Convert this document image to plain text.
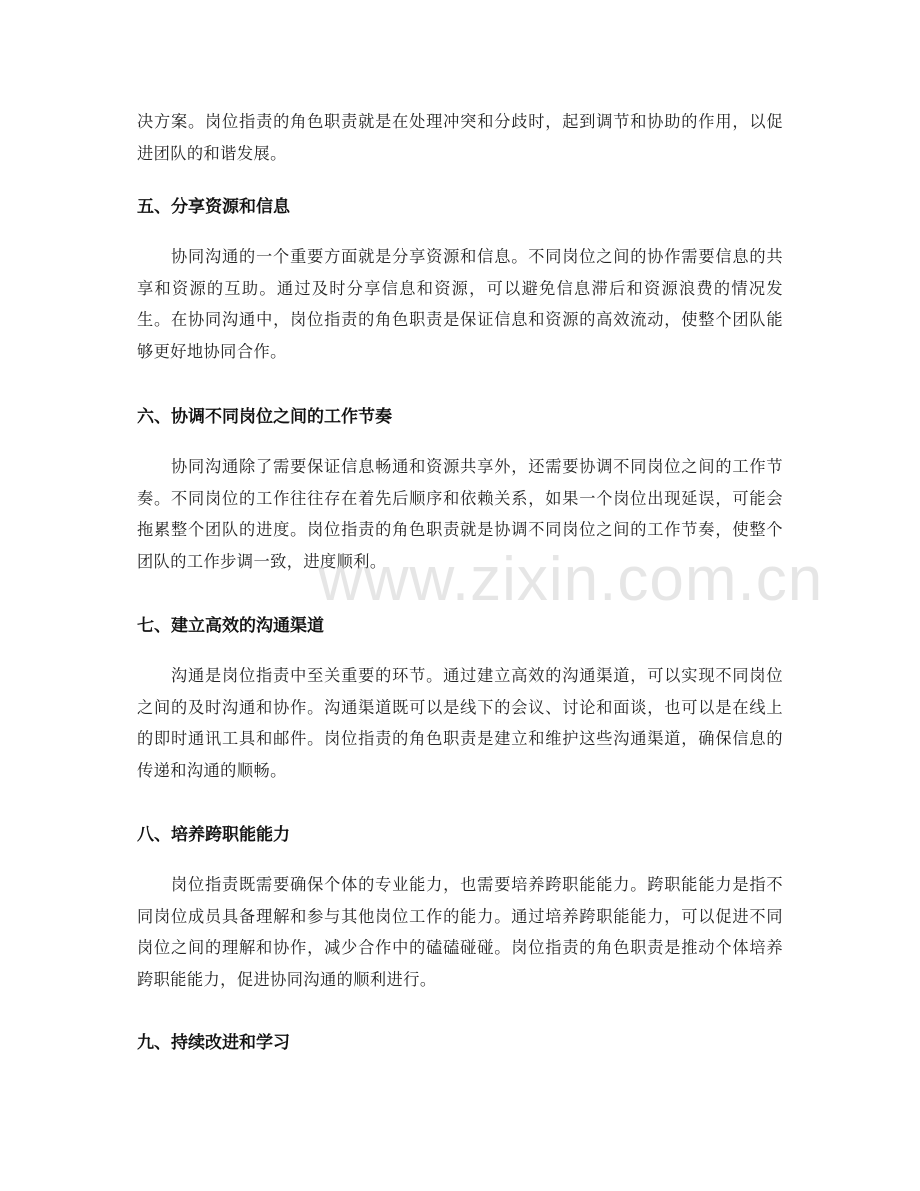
决方案。岗位指责的角色职责就是在处理冲突和分歧时，起到调节和协助的作用，以促进团队的和谐发展。

五、分享资源和信息

协同沟通的一个重要方面就是分享资源和信息。不同岗位之间的协作需要信息的共享和资源的互助。通过及时分享信息和资源，可以避免信息滞后和资源浪费的情况发生。在协同沟通中，岗位指责的角色职责是保证信息和资源的高效流动，使整个团队能够更好地协同合作。

六、协调不同岗位之间的工作节奏

协同沟通除了需要保证信息畅通和资源共享外，还需要协调不同岗位之间的工作节奏。不同岗位的工作往往存在着先后顺序和依赖关系，如果一个岗位出现延误，可能会拖累整个团队的进度。岗位指责的角色职责就是协调不同岗位之间的工作节奏，使整个团队的工作步调一致，进度顺利。

七、建立高效的沟通渠道

沟通是岗位指责中至关重要的环节。通过建立高效的沟通渠道，可以实现不同岗位之间的及时沟通和协作。沟通渠道既可以是线下的会议、讨论和面谈，也可以是在线上的即时通讯工具和邮件。岗位指责的角色职责是建立和维护这些沟通渠道，确保信息的传递和沟通的顺畅。

八、培养跨职能能力

岗位指责既需要确保个体的专业能力，也需要培养跨职能能力。跨职能能力是指不同岗位成员具备理解和参与其他岗位工作的能力。通过培养跨职能能力，可以促进不同岗位之间的理解和协作，减少合作中的磕磕碰碰。岗位指责的角色职责是推动个体培养跨职能能力，促进协同沟通的顺利进行。

九、持续改进和学习
www.zixin.com.cn
